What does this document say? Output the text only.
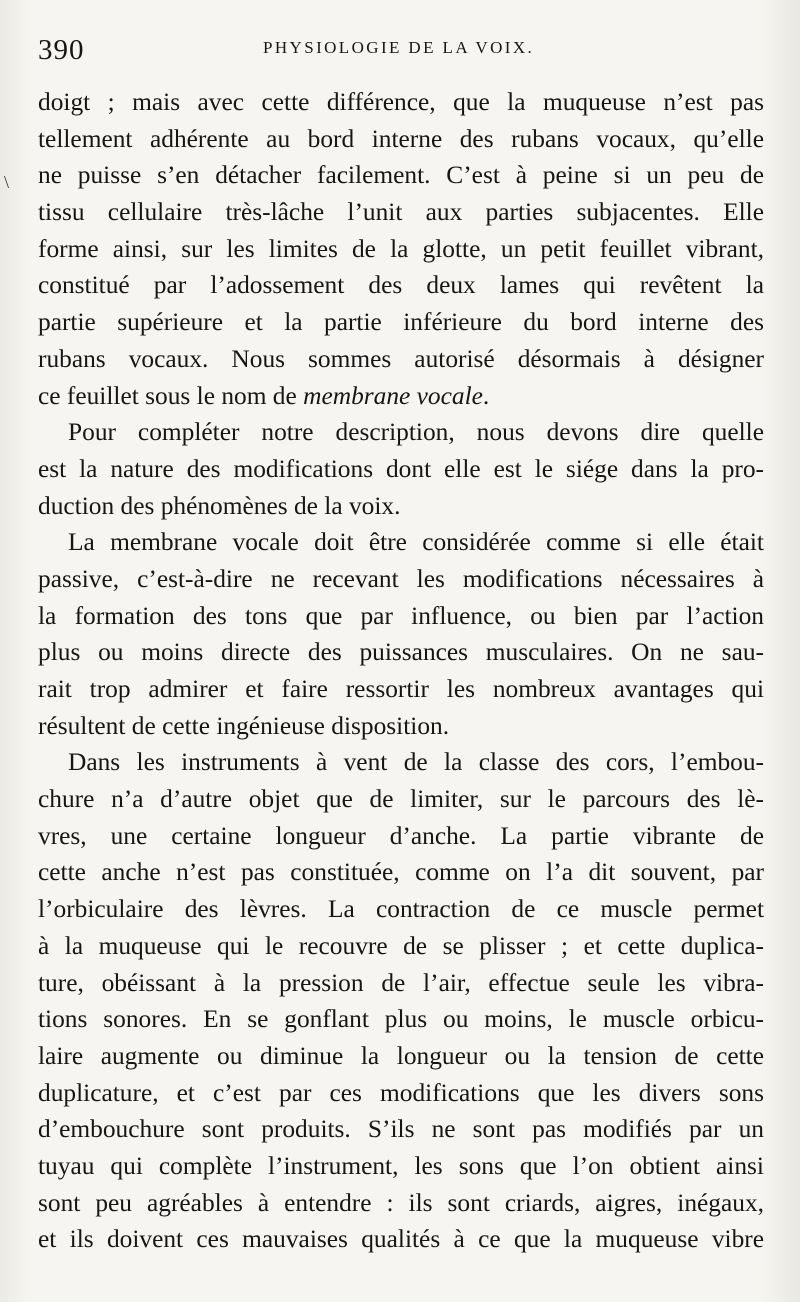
390	PHYSIOLOGIE DE LA VOIX.
\
doigt ; mais avec cette différence, que la muqueuse n’est pas
tellement adhérente au bord interne des rubans vocaux, qu’elle
ne puisse s’en détacher facilement. C’est à peine si un peu de
tissu cellulaire très-lâche l’unit aux parties subjacentes. Elle
forme ainsi, sur les limites de la glotte, un petit feuillet vibrant,
constitué par l’adossement des deux lames qui revêtent la
partie supérieure et la partie inférieure du bord interne des
rubans vocaux. Nous sommes autorisé désormais à désigner
ce feuillet sous le nom de membrane vocale.
Pour compléter notre description, nous devons dire quelle
est la nature des modifications dont elle est le siége dans la pro-
duction des phénomènes de la voix.
La membrane vocale doit être considérée comme si elle était
passive, c’est-à-dire ne recevant les modifications nécessaires à
la formation des tons que par influence, ou bien par l’action
plus ou moins directe des puissances musculaires. On ne sau-
rait trop admirer et faire ressortir les nombreux avantages qui
résultent de cette ingénieuse disposition.
Dans les instruments à vent de la classe des cors, l’embou-
chure n’a d’autre objet que de limiter, sur le parcours des lè-
vres, une certaine longueur d’anche. La partie vibrante de
cette anche n’est pas constituée, comme on l’a dit souvent, par
l’orbiculaire des lèvres. La contraction de ce muscle permet
à la muqueuse qui le recouvre de se plisser ; et cette duplica-
ture, obéissant à la pression de l’air, effectue seule les vibra-
tions sonores. En se gonflant plus ou moins, le muscle orbicu-
laire augmente ou diminue la longueur ou la tension de cette
duplicature, et c’est par ces modifications que les divers sons
d’embouchure sont produits. S’ils ne sont pas modifiés par un
tuyau qui complète l’instrument, les sons que l’on obtient ainsi
sont peu agréables à entendre : ils sont criards, aigres, inégaux,
et ils doivent ces mauvaises qualités à ce que la muqueuse vibre
